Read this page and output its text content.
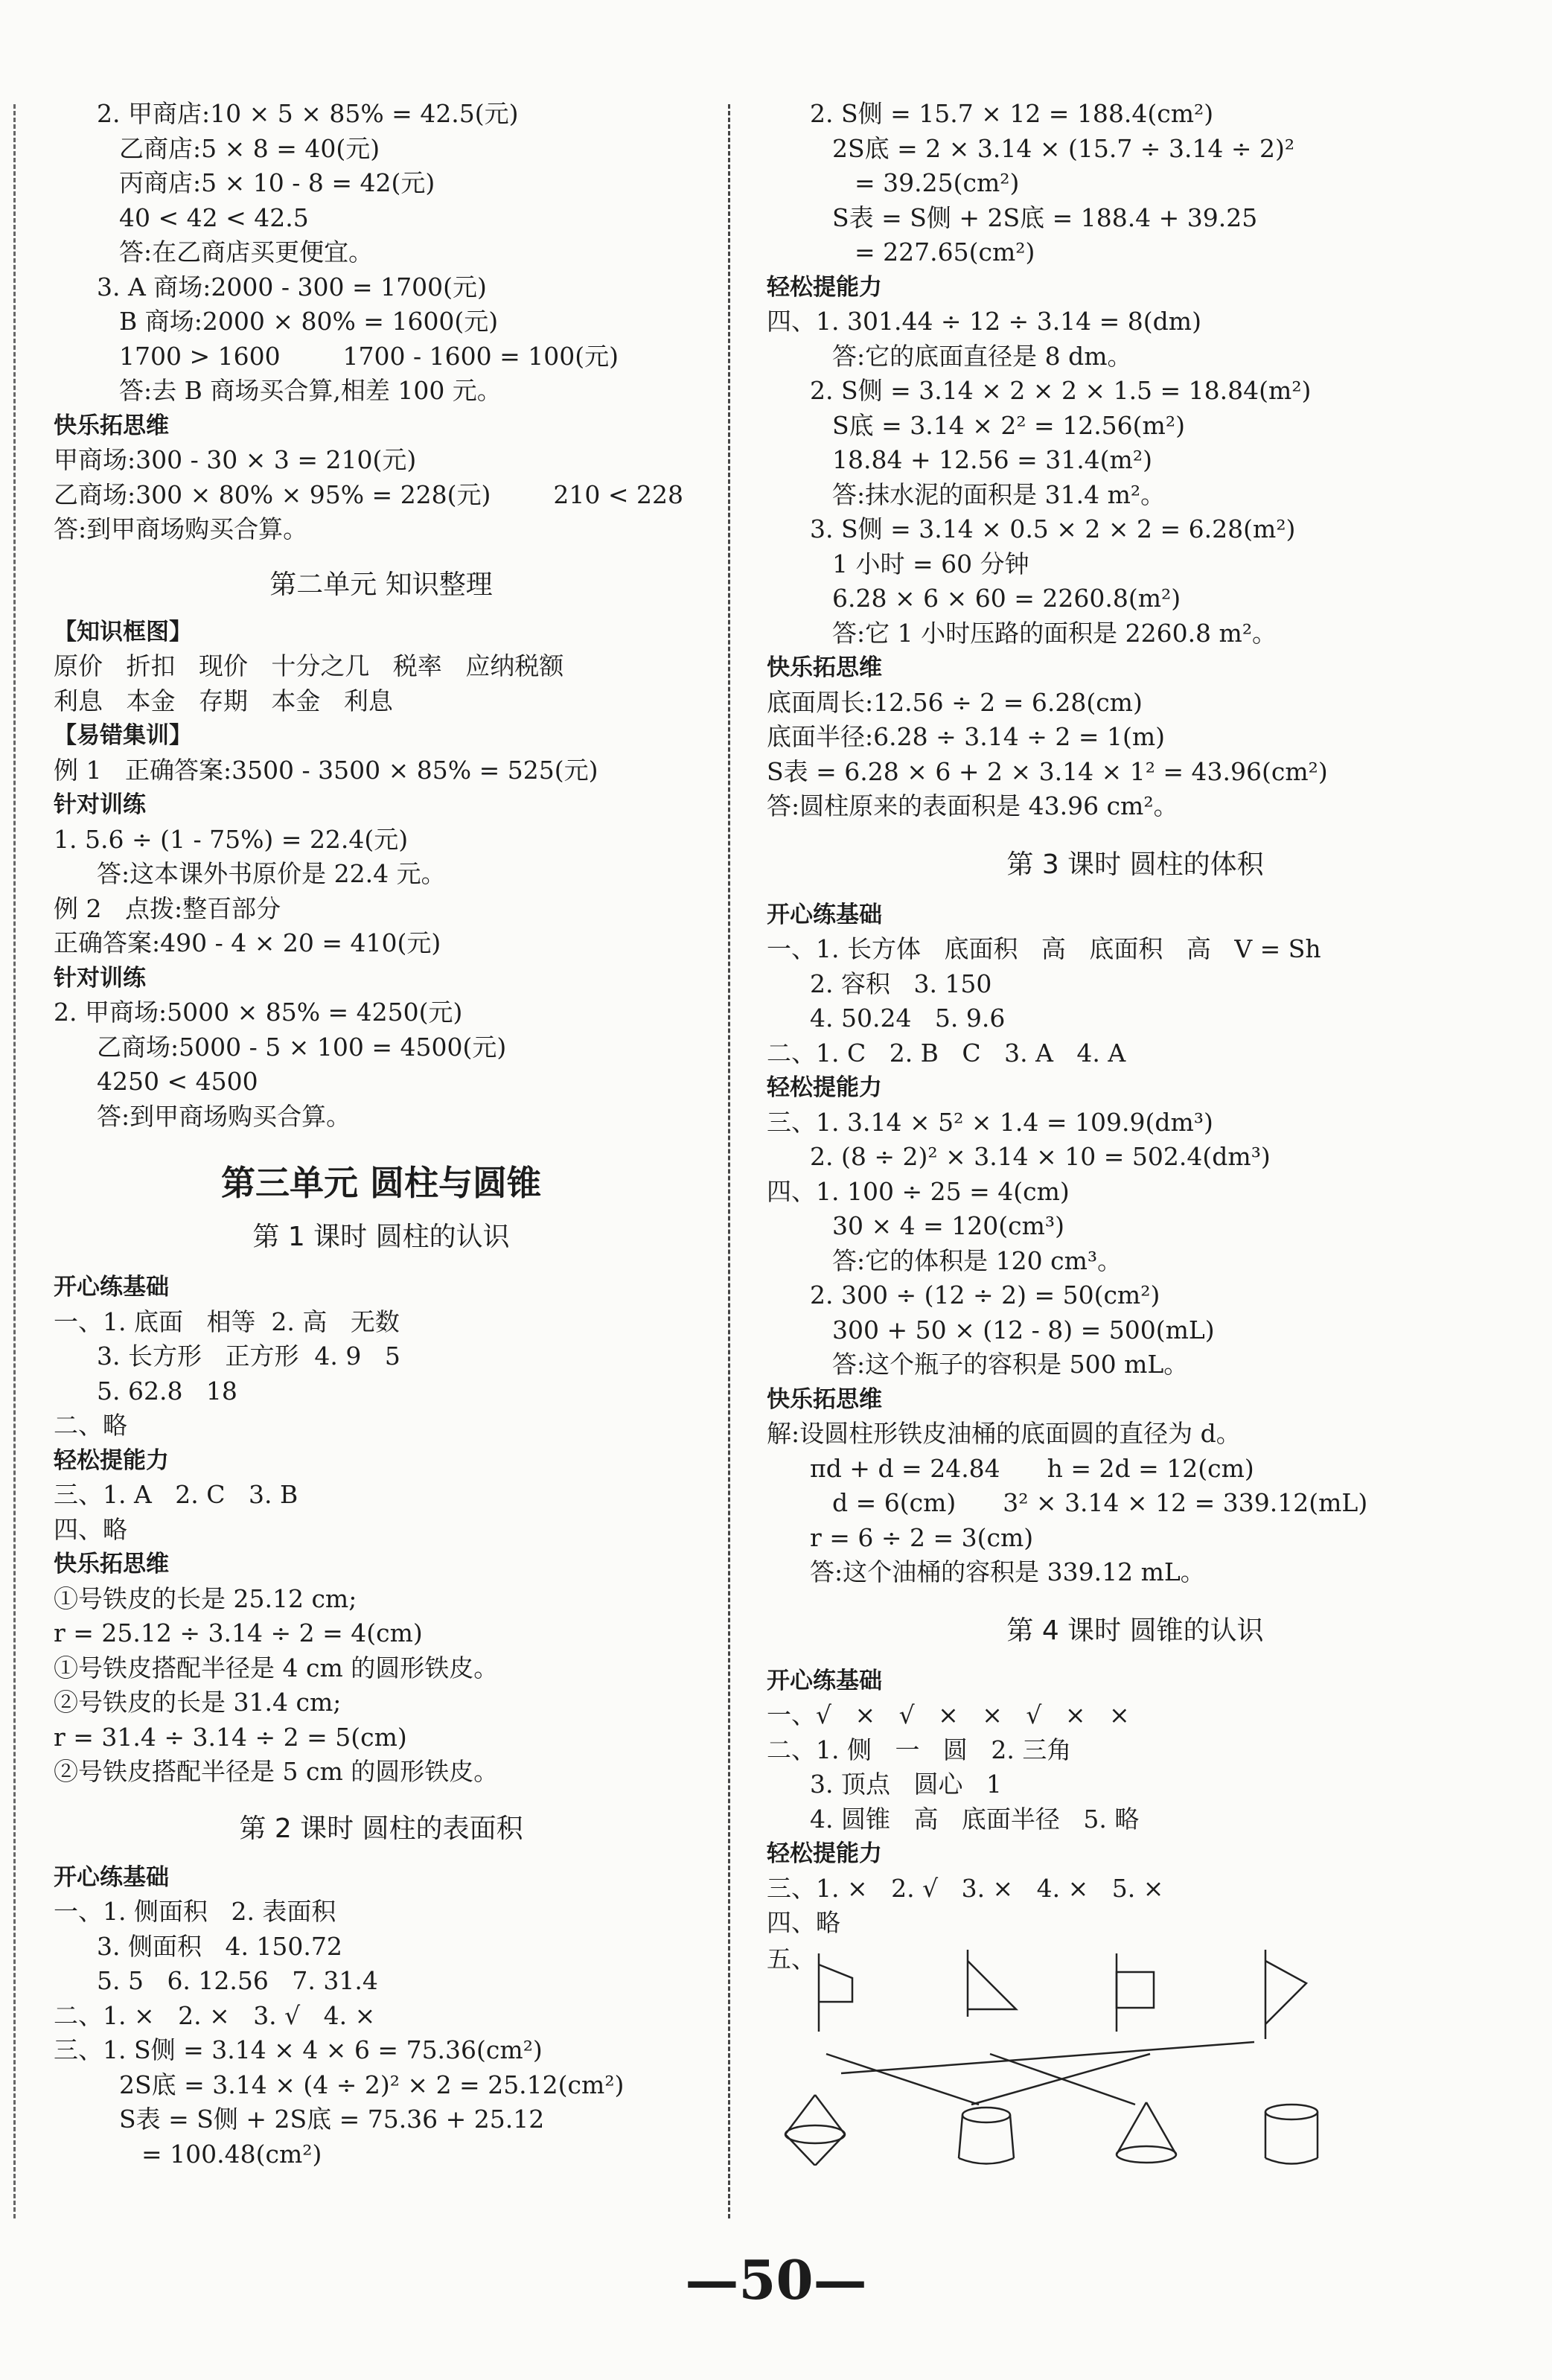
2. 甲商店:10 × 5 × 85% = 42.5(元)
乙商店:5 × 8 = 40(元)
丙商店:5 × 10 - 8 = 42(元)
40 < 42 < 42.5
答:在乙商店买更便宜。
3. A 商场:2000 - 300 = 1700(元)
B 商场:2000 × 80% = 1600(元)
1700 > 1600        1700 - 1600 = 100(元)
答:去 B 商场买合算,相差 100 元。
快乐拓思维
甲商场:300 - 30 × 3 = 210(元)
乙商场:300 × 80% × 95% = 228(元)        210 < 228
答:到甲商场购买合算。
第二单元 知识整理
【知识框图】
原价   折扣   现价   十分之几   税率   应纳税额
利息   本金   存期   本金   利息
【易错集训】
例 1   正确答案:3500 - 3500 × 85% = 525(元)
针对训练
1. 5.6 ÷ (1 - 75%) = 22.4(元)
答:这本课外书原价是 22.4 元。
例 2   点拨:整百部分
正确答案:490 - 4 × 20 = 410(元)
针对训练
2. 甲商场:5000 × 85% = 4250(元)
乙商场:5000 - 5 × 100 = 4500(元)
4250 < 4500
答:到甲商场购买合算。
第三单元 圆柱与圆锥
第 1 课时 圆柱的认识
开心练基础
一、1. 底面   相等  2. 高   无数
3. 长方形   正方形  4. 9   5
5. 62.8   18
二、略
轻松提能力
三、1. A   2. C   3. B
四、略
快乐拓思维
①号铁皮的长是 25.12 cm;
r = 25.12 ÷ 3.14 ÷ 2 = 4(cm)
①号铁皮搭配半径是 4 cm 的圆形铁皮。
②号铁皮的长是 31.4 cm;
r = 31.4 ÷ 3.14 ÷ 2 = 5(cm)
②号铁皮搭配半径是 5 cm 的圆形铁皮。
第 2 课时 圆柱的表面积
开心练基础
一、1. 侧面积   2. 表面积
3. 侧面积   4. 150.72
5. 5   6. 12.56   7. 31.4
二、1. ×   2. ×   3. √   4. ×
三、1. S侧 = 3.14 × 4 × 6 = 75.36(cm²)
2S底 = 3.14 × (4 ÷ 2)² × 2 = 25.12(cm²)
S表 = S侧 + 2S底 = 75.36 + 25.12
= 100.48(cm²)
2. S侧 = 15.7 × 12 = 188.4(cm²)
2S底 = 2 × 3.14 × (15.7 ÷ 3.14 ÷ 2)²
= 39.25(cm²)
S表 = S侧 + 2S底 = 188.4 + 39.25
= 227.65(cm²)
轻松提能力
四、1. 301.44 ÷ 12 ÷ 3.14 = 8(dm)
答:它的底面直径是 8 dm。
2. S侧 = 3.14 × 2 × 2 × 1.5 = 18.84(m²)
S底 = 3.14 × 2² = 12.56(m²)
18.84 + 12.56 = 31.4(m²)
答:抹水泥的面积是 31.4 m²。
3. S侧 = 3.14 × 0.5 × 2 × 2 = 6.28(m²)
1 小时 = 60 分钟
6.28 × 6 × 60 = 2260.8(m²)
答:它 1 小时压路的面积是 2260.8 m²。
快乐拓思维
底面周长:12.56 ÷ 2 = 6.28(cm)
底面半径:6.28 ÷ 3.14 ÷ 2 = 1(m)
S表 = 6.28 × 6 + 2 × 3.14 × 1² = 43.96(cm²)
答:圆柱原来的表面积是 43.96 cm²。
第 3 课时 圆柱的体积
开心练基础
一、1. 长方体   底面积   高   底面积   高   V = Sh
2. 容积   3. 150
4. 50.24   5. 9.6
二、1. C   2. B   C   3. A   4. A
轻松提能力
三、1. 3.14 × 5² × 1.4 = 109.9(dm³)
2. (8 ÷ 2)² × 3.14 × 10 = 502.4(dm³)
四、1. 100 ÷ 25 = 4(cm)
30 × 4 = 120(cm³)
答:它的体积是 120 cm³。
2. 300 ÷ (12 ÷ 2) = 50(cm²)
300 + 50 × (12 - 8) = 500(mL)
答:这个瓶子的容积是 500 mL。
快乐拓思维
解:设圆柱形铁皮油桶的底面圆的直径为 d。
πd + d = 24.84      h = 2d = 12(cm)
d = 6(cm)      3² × 3.14 × 12 = 339.12(mL)
r = 6 ÷ 2 = 3(cm)
答:这个油桶的容积是 339.12 mL。
第 4 课时 圆锥的认识
开心练基础
一、√   ×   √   ×   ×   √   ×   ×
二、1. 侧   一   圆   2. 三角
3. 顶点   圆心   1
4. 圆锥   高   底面半径   5. 略
轻松提能力
三、1. ×   2. √   3. ×   4. ×   5. ×
四、略
五、
—50—
